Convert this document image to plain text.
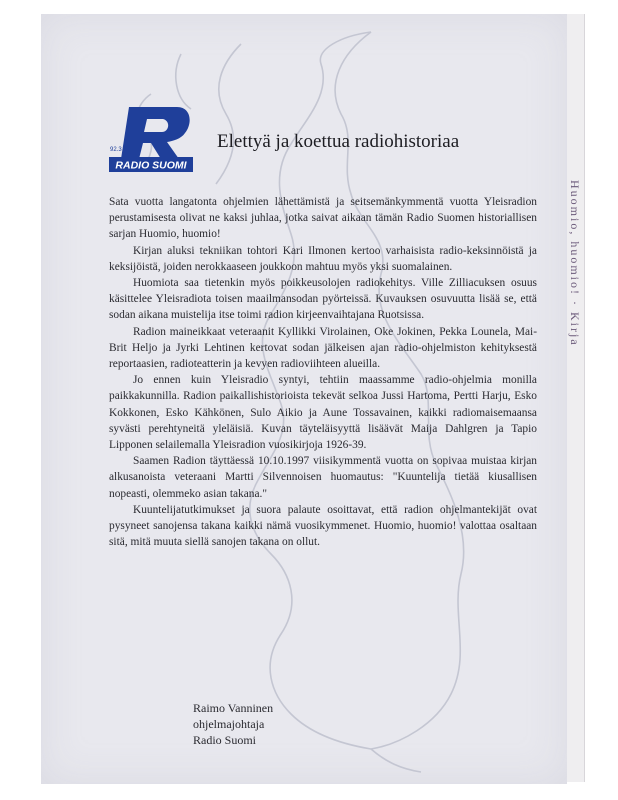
Huomio, huomio! · Kirja
RADIO SUOMI
92.3	Elettyä ja koettua radiohistoriaa

Sata vuotta langatonta ohjelmien lähettämistä ja seitsemänkymmentä vuotta Yleisradion perustamisesta olivat ne kaksi juhlaa, jotka saivat aikaan tämän Radio Suomen historiallisen sarjan Huomio, huomio!

Kirjan aluksi tekniikan tohtori Kari Ilmonen kertoo varhaisista radio-keksinnöistä ja keksijöistä, joiden nerokkaaseen joukkoon mahtuu myös yksi suomalainen.

Huomiota saa tietenkin myös poikkeusolojen radiokehitys. Ville Zilliacuksen osuus käsittelee Yleisradiota toisen maailmansodan pyörteissä. Kuvauksen osuvuutta lisää se, että sodan aikana muistelija itse toimi radion kirjeenvaihtajana Ruotsissa.

Radion maineikkaat veteraanit Kyllikki Virolainen, Oke Jokinen, Pekka Lounela, Mai-Brit Heljo ja Jyrki Lehtinen kertovat sodan jälkeisen ajan radio-ohjelmiston kehityksestä reportaasien, radioteatterin ja kevyen radioviihteen alueilla.

Jo ennen kuin Yleisradio syntyi, tehtiin maassamme radio-ohjelmia monilla paikkakunnilla. Radion paikallishistorioista tekevät selkoa Jussi Hartoma, Pertti Harju, Esko Kokkonen, Esko Kähkönen, Sulo Aikio ja Aune Tossavainen, kaikki radiomaisemaansa syvästi perehtyneitä yleläisiä. Kuvan täyteläisyyttä lisäävät Maija Dahlgren ja Tapio Lipponen selailemalla Yleisradion vuosikirjoja 1926-39.

Saamen Radion täyttäessä 10.10.1997 viisikymmentä vuotta on sopivaa muistaa kirjan alkusanoista veteraani Martti Silvennoisen huomautus: "Kuuntelija tietää kiusallisen nopeasti, olemmeko asian takana."

Kuuntelijatutkimukset ja suora palaute osoittavat, että radion ohjelmantekijät ovat pysyneet sanojensa takana kaikki nämä vuosikymmenet. Huomio, huomio! valottaa osaltaan sitä, mitä muuta siellä sanojen takana on ollut.

Raimo Vanninen
ohjelmajohtaja
Radio Suomi
